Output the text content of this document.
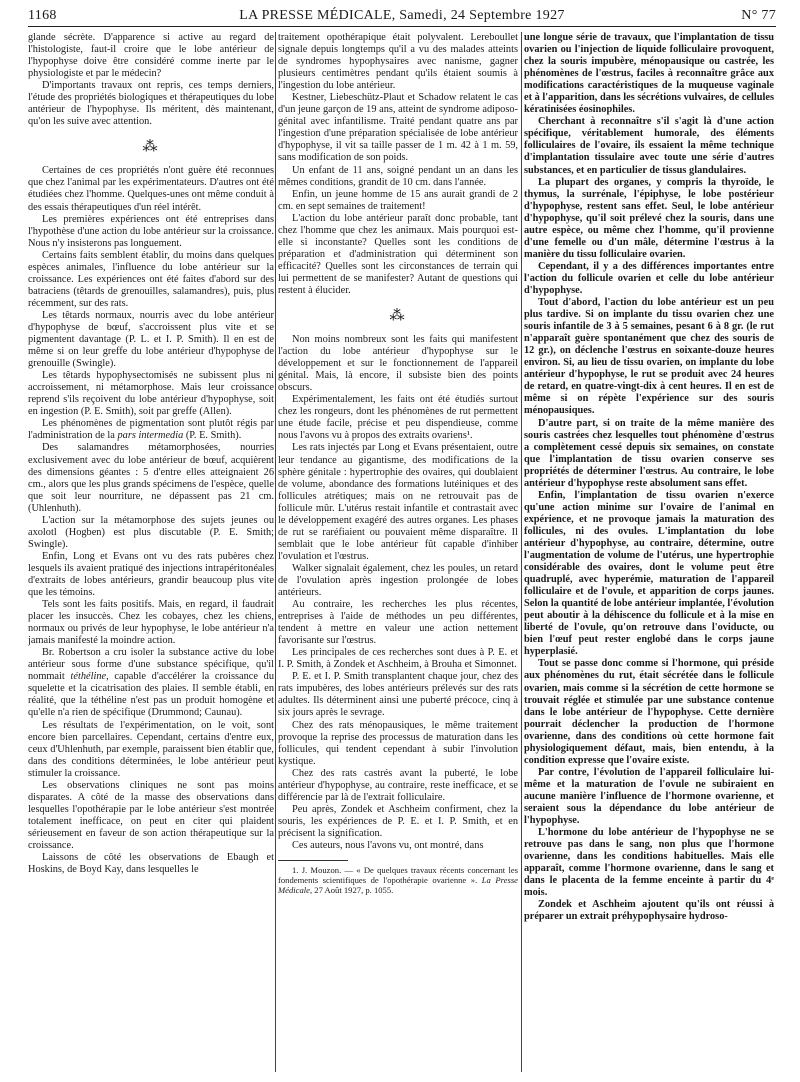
1168	LA PRESSE MÉDICALE, Samedi, 24 Septembre 1927	N° 77

glande sécrète. D'apparence si active au regard de l'histologiste, faut-il croire que le lobe antérieur de l'hypophyse doive être considéré comme inerte par le physiologiste et par le médecin?

D'importants travaux ont repris, ces temps derniers, l'étude des propriétés biologiques et thérapeutiques du lobe antérieur de l'hypophyse. Ils méritent, dès maintenant, qu'on les suive avec attention.

⁂

Certaines de ces propriétés n'ont guère été reconnues que chez l'animal par les expérimentateurs. D'autres ont été étudiées chez l'homme. Quelques-unes ont même conduit à des essais thérapeutiques d'un réel intérêt.

Les premières expériences ont été entreprises dans l'hypothèse d'une action du lobe antérieur sur la croissance. Nous n'y insisterons pas longuement.

Certains faits semblent établir, du moins dans quelques espèces animales, l'influence du lobe antérieur sur la croissance. Les expériences ont été faites d'abord sur des batraciens (têtards de grenouilles, salamandres), puis, plus récemment, sur des rats.

Les têtards normaux, nourris avec du lobe antérieur d'hypophyse de bœuf, s'accroissent plus vite et se pigmentent davantage (P. L. et I. P. Smith). Il en est de même si on leur greffe du lobe antérieur d'hypophyse de grenouille (Swingle).

Les têtards hypophysectomisés ne subissent plus ni accroissement, ni métamorphose. Mais leur croissance reprend s'ils reçoivent du lobe antérieur d'hypophyse, soit en ingestion (P. E. Smith), soit par greffe (Allen).

Les phénomènes de pigmentation sont plutôt régis par l'administration de la pars intermedia (P. E. Smith).

Des salamandres métamorphosées, nourries exclusivement avec du lobe antérieur de bœuf, acquièrent des dimensions géantes : 5 d'entre elles atteignaient 26 cm., alors que les plus grands spécimens de l'espèce, quelle que soit leur nourriture, ne dépassent pas 21 cm. (Uhlenhuth).

L'action sur la métamorphose des sujets jeunes ou axolotl (Hogben) est plus discutable (P. E. Smith; Swingle).

Enfin, Long et Evans ont vu des rats pubères chez lesquels ils avaient pratiqué des injections intrapéritonéales d'extraits de lobes antérieurs, grandir beaucoup plus vite que les témoins.

Tels sont les faits positifs. Mais, en regard, il faudrait placer les insuccès. Chez les cobayes, chez les chiens, normaux ou privés de leur hypophyse, le lobe antérieur n'a jamais manifesté la moindre action.

Br. Robertson a cru isoler la substance active du lobe antérieur sous forme d'une substance spécifique, qu'il nommait téthéline, capable d'accélérer la croissance du squelette et la cicatrisation des plaies. Il semble établi, en réalité, que la téthéline n'est pas un produit homogène et qu'elle n'a rien de spécifique (Drummond; Caunau).

Les résultats de l'expérimentation, on le voit, sont encore bien parcellaires. Cependant, certains d'entre eux, ceux d'Uhlenhuth, par exemple, paraissent bien établir que, dans des conditions déterminées, le lobe antérieur peut stimuler la croissance.

Les observations cliniques ne sont pas moins disparates. A côté de la masse des observations dans lesquelles l'opothérapie par le lobe antérieur s'est montrée totalement inefficace, on peut en citer qui plaident sérieusement en faveur de son action thérapeutique sur la croissance.

Laissons de côté les observations de Ebaugh et Hoskins, de Boyd Kay, dans lesquelles le

traitement opothérapique était polyvalent. Lereboullet signale depuis longtemps qu'il a vu des malades atteints de syndromes hypophysaires avec nanisme, gagner plusieurs centimètres pendant qu'ils étaient soumis à l'ingestion du lobe antérieur.

Kestner, Liebeschütz-Plaut et Schadow relatent le cas d'un jeune garçon de 19 ans, atteint de syndrome adiposo-génital avec infantilisme. Traité pendant quatre ans par l'ingestion d'une préparation spécialisée de lobe antérieur d'hypophyse, il vit sa taille passer de 1 m. 42 à 1 m. 59, sans modification de son poids.

Un enfant de 11 ans, soigné pendant un an dans les mêmes conditions, grandit de 10 cm. dans l'année.

Enfin, un jeune homme de 15 ans aurait grandi de 2 cm. en sept semaines de traitement!

L'action du lobe antérieur paraît donc probable, tant chez l'homme que chez les animaux. Mais pourquoi est-elle si inconstante? Quelles sont les conditions de préparation et d'administration qui déterminent son efficacité? Quelles sont les circonstances de terrain qui lui permettent de se manifester? Autant de questions qui restent à élucider.

⁂

Non moins nombreux sont les faits qui manifestent l'action du lobe antérieur d'hypophyse sur le développement et sur le fonctionnement de l'appareil génital. Mais, là encore, il subsiste bien des points obscurs.

Expérimentalement, les faits ont été étudiés surtout chez les rongeurs, dont les phénomènes de rut permettent une étude facile, précise et peu dispendieuse, comme nous l'avons vu à propos des extraits ovariens¹.

Les rats injectés par Long et Evans présentaient, outre leur tendance au gigantisme, des modifications de la sphère génitale : hypertrophie des ovaires, qui doublaient de volume, abondance des formations lutéiniques et des follicules atrétiques; mais on ne retrouvait pas de follicule mûr. L'utérus restait infantile et contrastait avec le développement exagéré des autres organes. Les phases de rut se raréfiaient ou pouvaient même disparaître. Il semblait que le lobe antérieur fût capable d'inhiber l'ovulation et l'œstrus.

Walker signalait également, chez les poules, un retard de l'ovulation après ingestion prolongée de lobes antérieurs.

Au contraire, les recherches les plus récentes, entreprises à l'aide de méthodes un peu différentes, tendent à mettre en valeur une action nettement favorisante sur l'œstrus.

Les principales de ces recherches sont dues à P. E. et I. P. Smith, à Zondek et Aschheim, à Brouha et Simonnet.

P. E. et I. P. Smith transplantent chaque jour, chez des rats impubères, des lobes antérieurs prélevés sur des rats adultes. Ils déterminent ainsi une puberté précoce, cinq à six jours après le sevrage.

Chez des rats ménopausiques, le même traitement provoque la reprise des processus de maturation dans les follicules, qui tendent cependant à subir l'involution kystique.

Chez des rats castrés avant la puberté, le lobe antérieur d'hypophyse, au contraire, reste inefficace, et se différencie par là de l'extrait folliculaire.

Peu après, Zondek et Aschheim confirment, chez la souris, les expériences de P. E. et I. P. Smith, et en précisent la signification.

Ces auteurs, nous l'avons vu, ont montré, dans

1. J. Mouzon. — « De quelques travaux récents concernant les fondements scientifiques de l'opothérapie ovarienne ». La Presse Médicale, 27 Août 1927, p. 1055.

une longue série de travaux, que l'implantation de tissu ovarien ou l'injection de liquide folliculaire provoquent, chez la souris impubère, ménopausique ou castrée, les phénomènes de l'œstrus, faciles à reconnaître grâce aux modifications caractéristiques de la muqueuse vaginale et à l'apparition, dans les sécrétions vulvaires, de cellules kératinisées éosinophiles.

Cherchant à reconnaître s'il s'agit là d'une action spécifique, véritablement humorale, des éléments folliculaires de l'ovaire, ils essaient la même technique d'implantation tissulaire avec toute une série d'autres substances, et en particulier de tissus glandulaires.

La plupart des organes, y compris la thyroïde, le thymus, la surrénale, l'épiphyse, le lobe postérieur d'hypophyse, restent sans effet. Seul, le lobe antérieur d'hypophyse, qu'il soit prélevé chez la souris, dans une autre espèce, ou même chez l'homme, qu'il provienne d'une femelle ou d'un mâle, détermine l'œstrus à la manière du tissu folliculaire ovarien.

Cependant, il y a des différences importantes entre l'action du follicule ovarien et celle du lobe antérieur d'hypophyse.

Tout d'abord, l'action du lobe antérieur est un peu plus tardive. Si on implante du tissu ovarien chez une souris infantile de 3 à 5 semaines, pesant 6 à 8 gr. (le rut n'apparaît guère spontanément que chez des souris de 12 gr.), on déclenche l'œstrus en soixante-douze heures environ. Si, au lieu de tissu ovarien, on implante du lobe antérieur d'hypophyse, le rut se produit avec 24 heures de retard, en quatre-vingt-dix à cent heures. Il en est de même si on répète l'expérience sur des souris ménopausiques.

D'autre part, si on traite de la même manière des souris castrées chez lesquelles tout phénomène d'œstrus a complètement cessé depuis six semaines, on constate que l'implantation de tissu ovarien conserve ses propriétés de déterminer l'œstrus. Au contraire, le lobe antérieur d'hypophyse reste absolument sans effet.

Enfin, l'implantation de tissu ovarien n'exerce qu'une action minime sur l'ovaire de l'animal en expérience, et ne provoque jamais la maturation des follicules, ni des ovules. L'implantation du lobe antérieur d'hypophyse, au contraire, détermine, outre l'augmentation de volume de l'utérus, une hypertrophie considérable des ovaires, dont le volume peut être quadruplé, avec hyperémie, maturation de l'appareil folliculaire et de l'ovule, et apparition de corps jaunes. Selon la quantité de lobe antérieur implantée, l'évolution peut aboutir à la déhiscence du follicule et à la mise en liberté de l'ovule, qu'on retrouve dans l'oviducte, ou bien l'œuf peut rester englobé dans le corps jaune hyperplasié.

Tout se passe donc comme si l'hormone, qui préside aux phénomènes du rut, était sécrétée dans le follicule ovarien, mais comme si la sécrétion de cette hormone se trouvait réglée et stimulée par une substance contenue dans le lobe antérieur de l'hypophyse. Cette dernière pourrait déclencher la production de l'hormone ovarienne, dans des conditions où cette hormone fait physiologiquement défaut, mais, bien entendu, à la condition expresse que l'ovaire existe.

Par contre, l'évolution de l'appareil folliculaire lui-même et la maturation de l'ovule ne subiraient en aucune manière l'influence de l'hormone ovarienne, et seraient sous la dépendance du lobe antérieur de l'hypophyse.

L'hormone du lobe antérieur de l'hypophyse ne se retrouve pas dans le sang, non plus que l'hormone ovarienne, dans les conditions habituelles. Mais elle apparaît, comme l'hormone ovarienne, dans le sang et dans le placenta de la femme enceinte à partir du 4ᵉ mois.

Zondek et Aschheim ajoutent qu'ils ont réussi à préparer un extrait préhypophysaire hydroso-
